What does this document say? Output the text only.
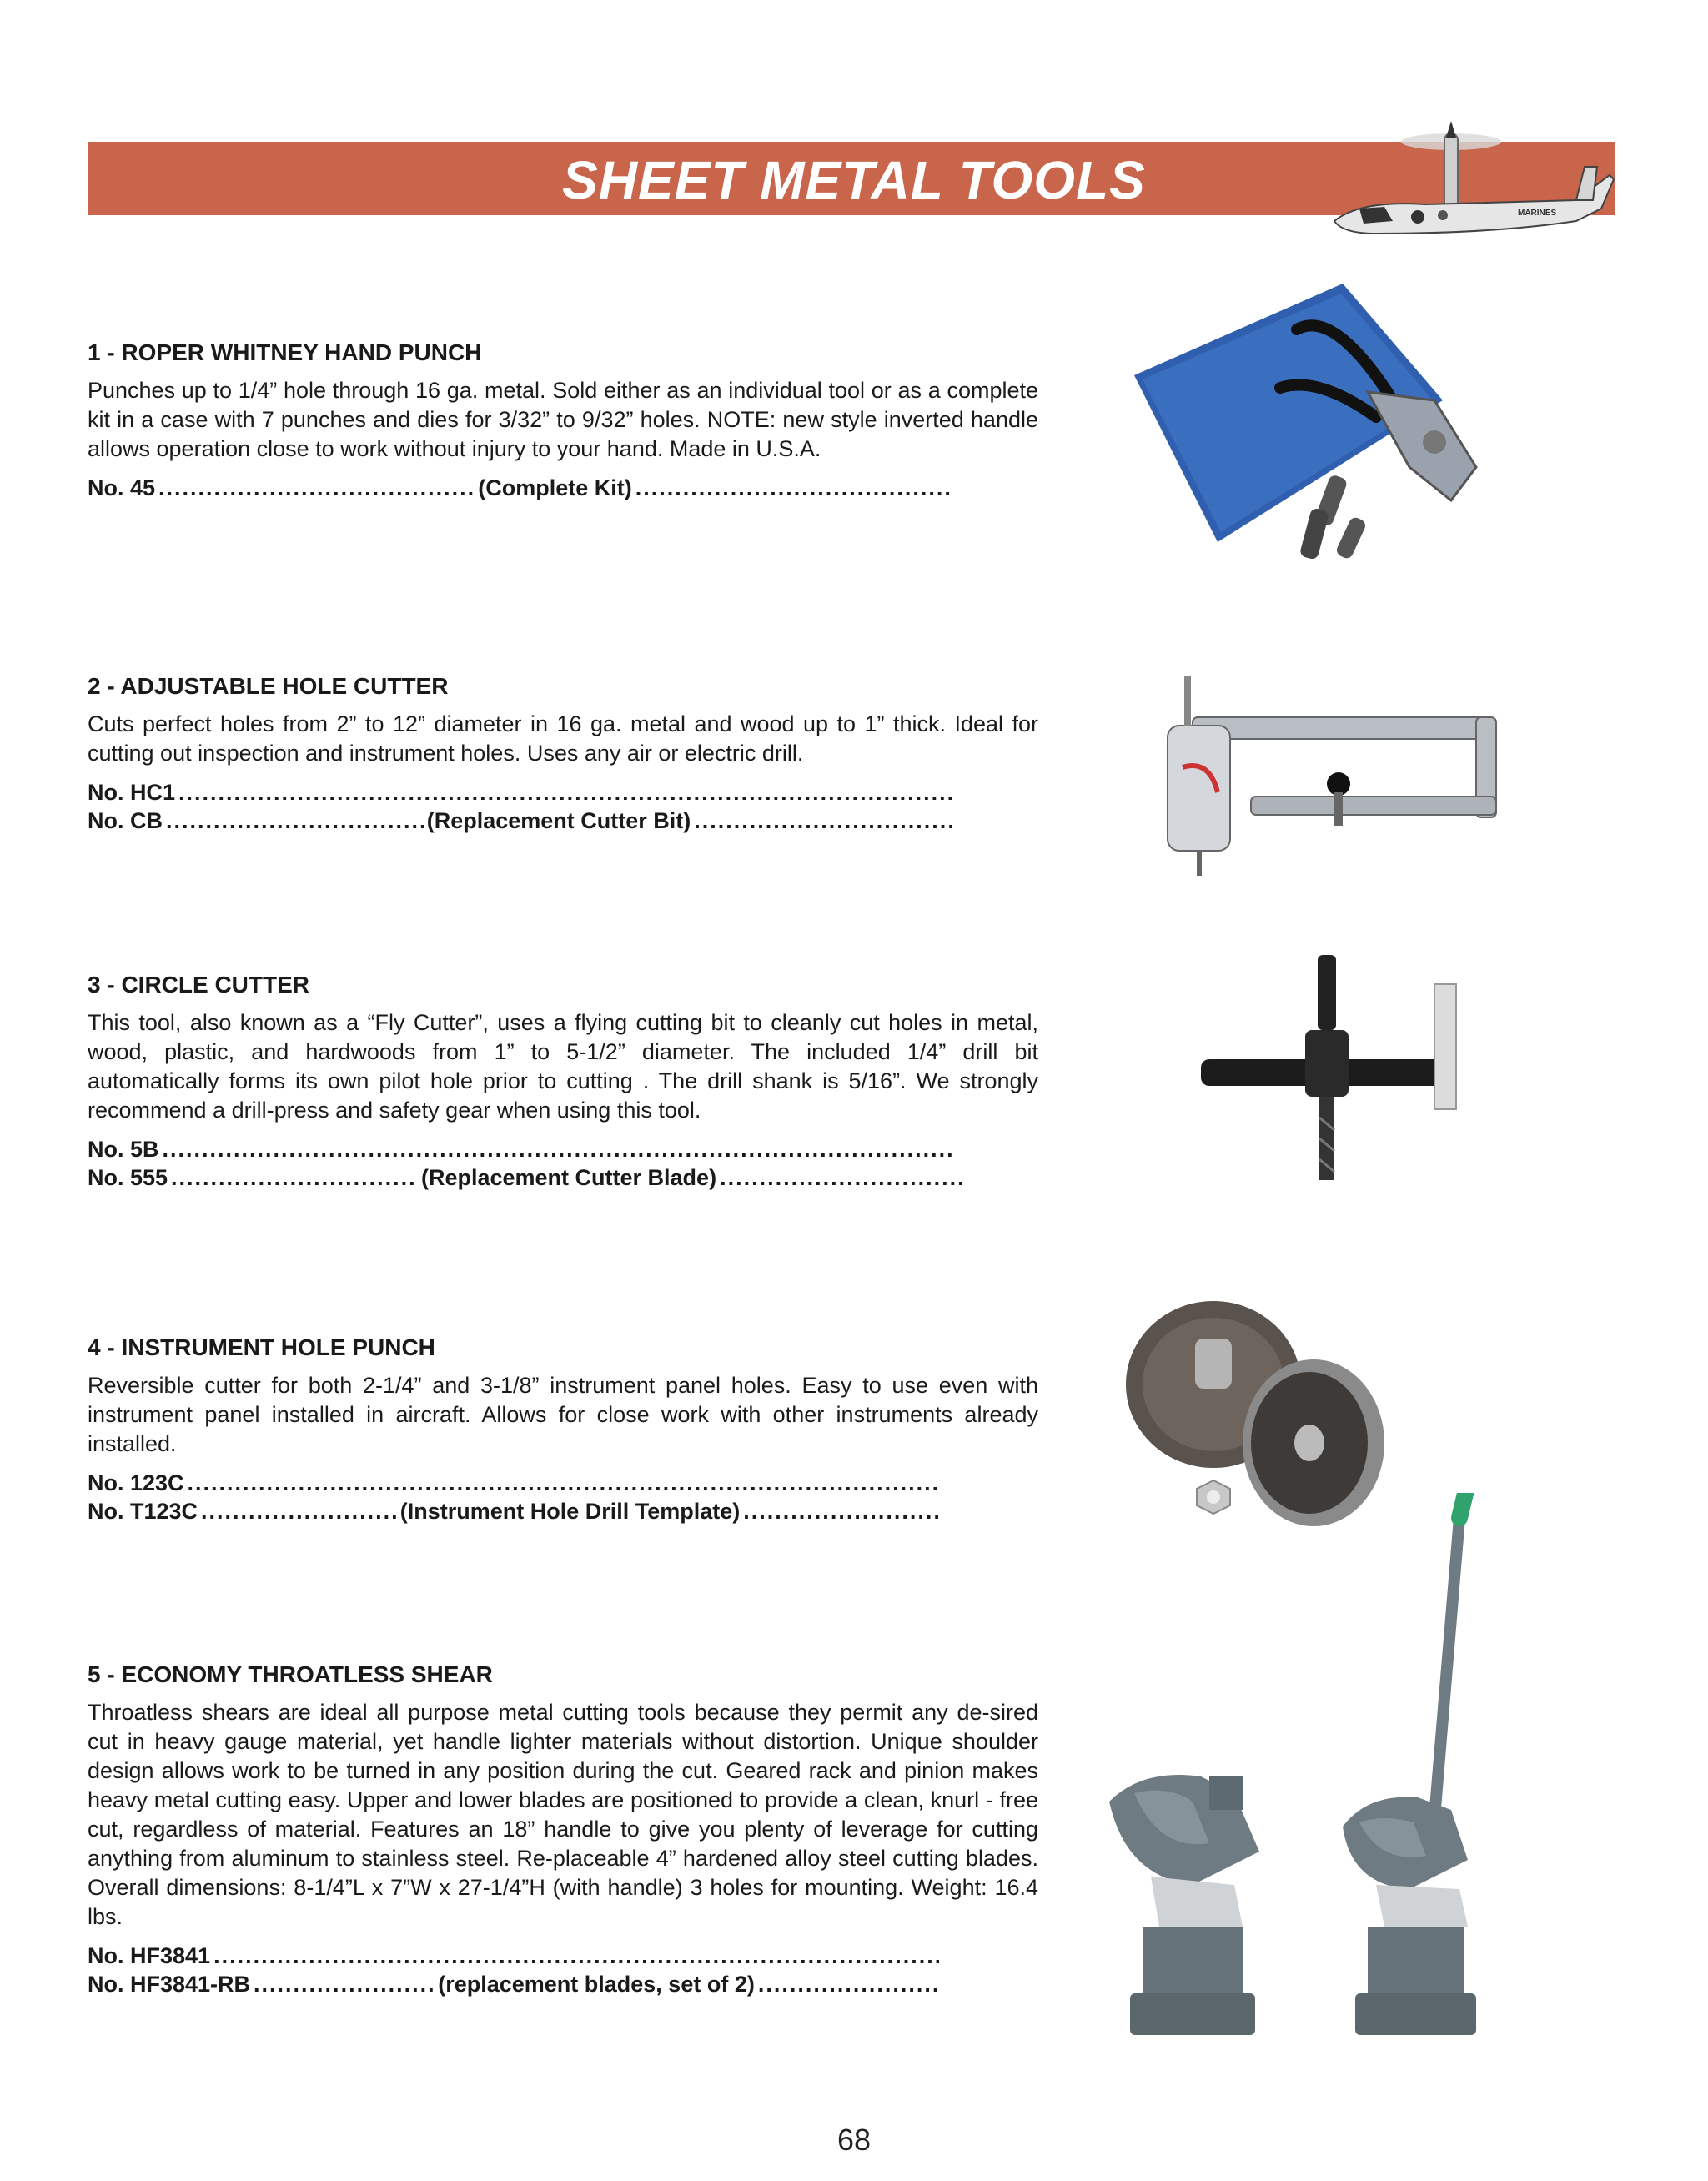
SHEET METAL TOOLS
MARINES
1 - ROPER WHITNEY HAND PUNCH
Punches up to 1/4” hole through 16 ga. metal. Sold either as an individual tool or as a complete kit in a case with 7 punches and dies for 3/32” to 9/32” holes. NOTE: new style inverted handle allows operation close to work without injury to your hand. Made in U.S.A.
No. 45 .....	(Complete Kit)
.....
2 - ADJUSTABLE HOLE CUTTER
Cuts perfect holes from 2” to 12” diameter in 16 ga. metal and wood up to 1” thick. Ideal for cutting out inspection and instrument holes. Uses any air or electric drill.
No. HC1
.....
No. CB .....	(Replacement Cutter Bit)
.....
3 - CIRCLE CUTTER
This tool, also known as a “Fly Cutter”, uses a flying cutting bit to cleanly cut holes in metal, wood, plastic, and hardwoods from 1” to 5-1/2” diameter. The included 1/4” drill bit automatically forms its own pilot hole prior to cutting . The drill shank is 5/16”. We strongly recommend a drill-press and safety gear when using this tool.
No. 5B
.....
No. 555 .....	(Replacement Cutter Blade)
.....
4 - INSTRUMENT HOLE PUNCH
Reversible cutter for both 2-1/4” and 3-1/8” instrument panel holes. Easy to use even with instrument panel installed in aircraft. Allows for close work with other instruments already installed.
No. 123C
.....
No. T123C .....	(Instrument Hole Drill Template)
.....
5 - ECONOMY THROATLESS SHEAR
Throatless shears are ideal all purpose metal cutting tools because they permit any de-sired cut in heavy gauge material, yet handle lighter materials without distortion. Unique shoulder design allows work to be turned in any position during the cut. Geared rack and pinion makes heavy metal cutting easy. Upper and lower blades are positioned to provide a clean, knurl - free cut, regardless of material. Features an 18” handle to give you plenty of leverage for cutting anything from aluminum to stainless steel. Re-placeable 4” hardened alloy steel cutting blades. Overall dimensions: 8-1/4”L x 7”W x 27-1/4”H (with handle) 3 holes for mounting. Weight: 16.4 lbs.
No. HF3841
.....
No. HF3841-RB .....	(replacement blades, set of 2)
.....
68
